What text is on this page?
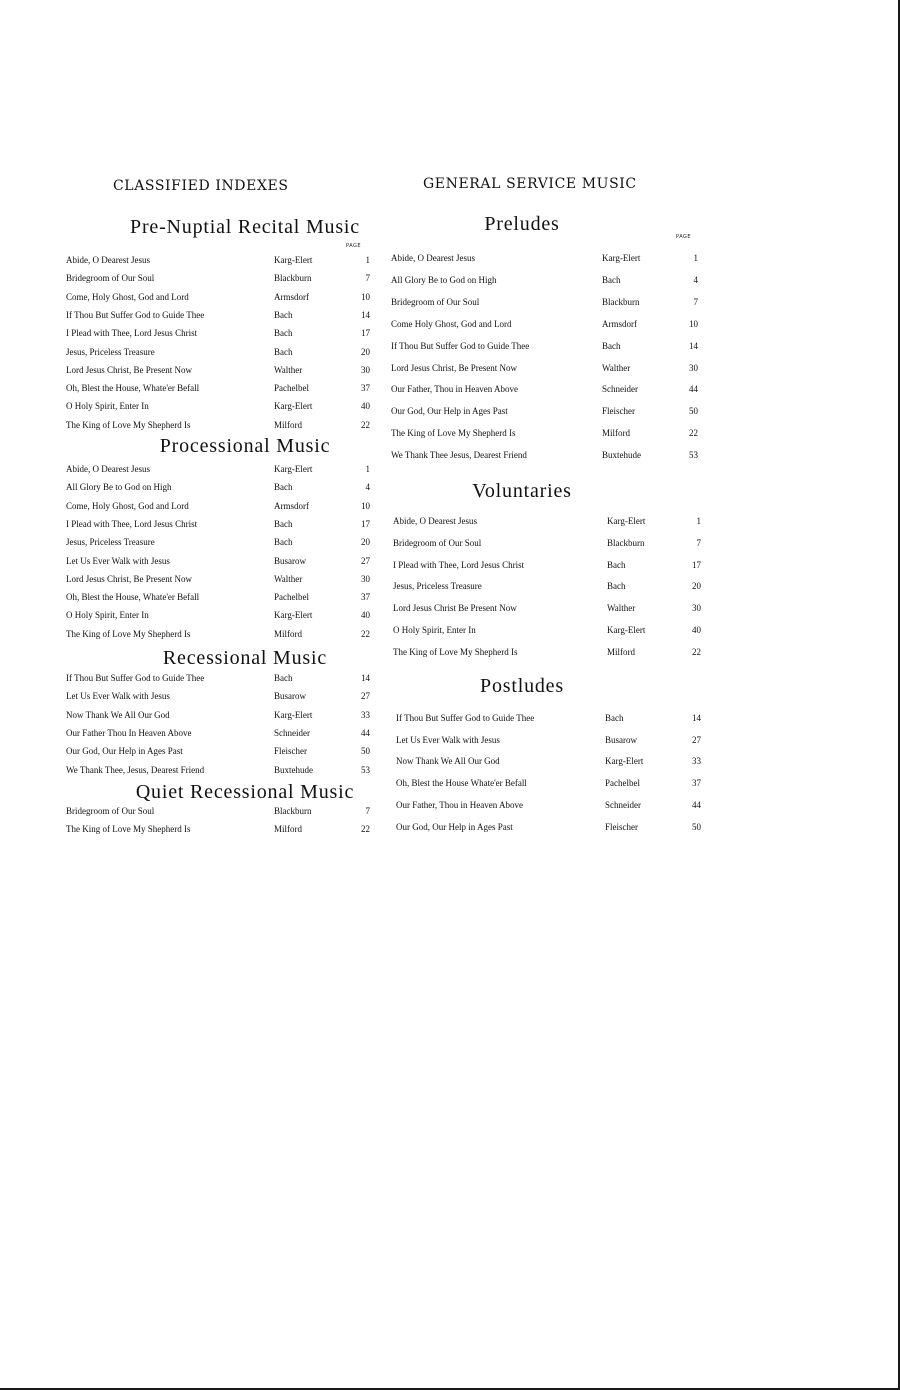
CLASSIFIED INDEXES	GENERAL SERVICE MUSIC
PAGE
Pre-Nuptial Recital Music
Abide, O Dearest Jesus	Karg-Elert	1
Bridegroom of Our Soul	Blackburn	7
Come, Holy Ghost, God and Lord	Armsdorf	10
If Thou But Suffer God to Guide Thee	Bach	14
I Plead with Thee, Lord Jesus Christ	Bach	17
Jesus, Priceless Treasure	Bach	20
Lord Jesus Christ, Be Present Now	Walther	30
Oh, Blest the House, Whate'er Befall	Pachelbel	37
O Holy Spirit, Enter In	Karg-Elert	40
The King of Love My Shepherd Is	Milford	22
Processional Music
Abide, O Dearest Jesus	Karg-Elert	1
All Glory Be to God on High	Bach	4
Come, Holy Ghost, God and Lord	Armsdorf	10
I Plead with Thee, Lord Jesus Christ	Bach	17
Jesus, Priceless Treasure	Bach	20
Let Us Ever Walk with Jesus	Busarow	27
Lord Jesus Christ, Be Present Now	Walther	30
Oh, Blest the House, Whate'er Befall	Pachelbel	37
O Holy Spirit, Enter In	Karg-Elert	40
The King of Love My Shepherd Is	Milford	22
Recessional Music
If Thou But Suffer God to Guide Thee	Bach	14
Let Us Ever Walk with Jesus	Busarow	27
Now Thank We All Our God	Karg-Elert	33
Our Father Thou In Heaven Above	Schneider	44
Our God, Our Help in Ages Past	Fleischer	50
We Thank Thee, Jesus, Dearest Friend	Buxtehude	53
Quiet Recessional Music
Bridegroom of Our Soul	Blackburn	7
The King of Love My Shepherd Is	Milford	22
PAGE
Preludes
Abide, O Dearest Jesus	Karg-Elert	1
All Glory Be to God on High	Bach	4
Bridegroom of Our Soul	Blackburn	7
Come Holy Ghost, God and Lord	Armsdorf	10
If Thou But Suffer God to Guide Thee	Bach	14
Lord Jesus Christ, Be Present Now	Walther	30
Our Father, Thou in Heaven Above	Schneider	44
Our God, Our Help in Ages Past	Fleischer	50
The King of Love My Shepherd Is	Milford	22
We Thank Thee Jesus, Dearest Friend	Buxtehude	53
Voluntaries
Abide, O Dearest Jesus	Karg-Elert	1
Bridegroom of Our Soul	Blackburn	7
I Plead with Thee, Lord Jesus Christ	Bach	17
Jesus, Priceless Treasure	Bach	20
Lord Jesus Christ Be Present Now	Walther	30
O Holy Spirit, Enter In	Karg-Elert	40
The King of Love My Shepherd Is	Milford	22
Postludes
If Thou But Suffer God to Guide Thee	Bach	14
Let Us Ever Walk with Jesus	Busarow	27
Now Thank We All Our God	Karg-Elert	33
Oh, Blest the House Whate'er Befall	Pachelbel	37
Our Father, Thou in Heaven Above	Schneider	44
Our God, Our Help in Ages Past	Fleischer	50
